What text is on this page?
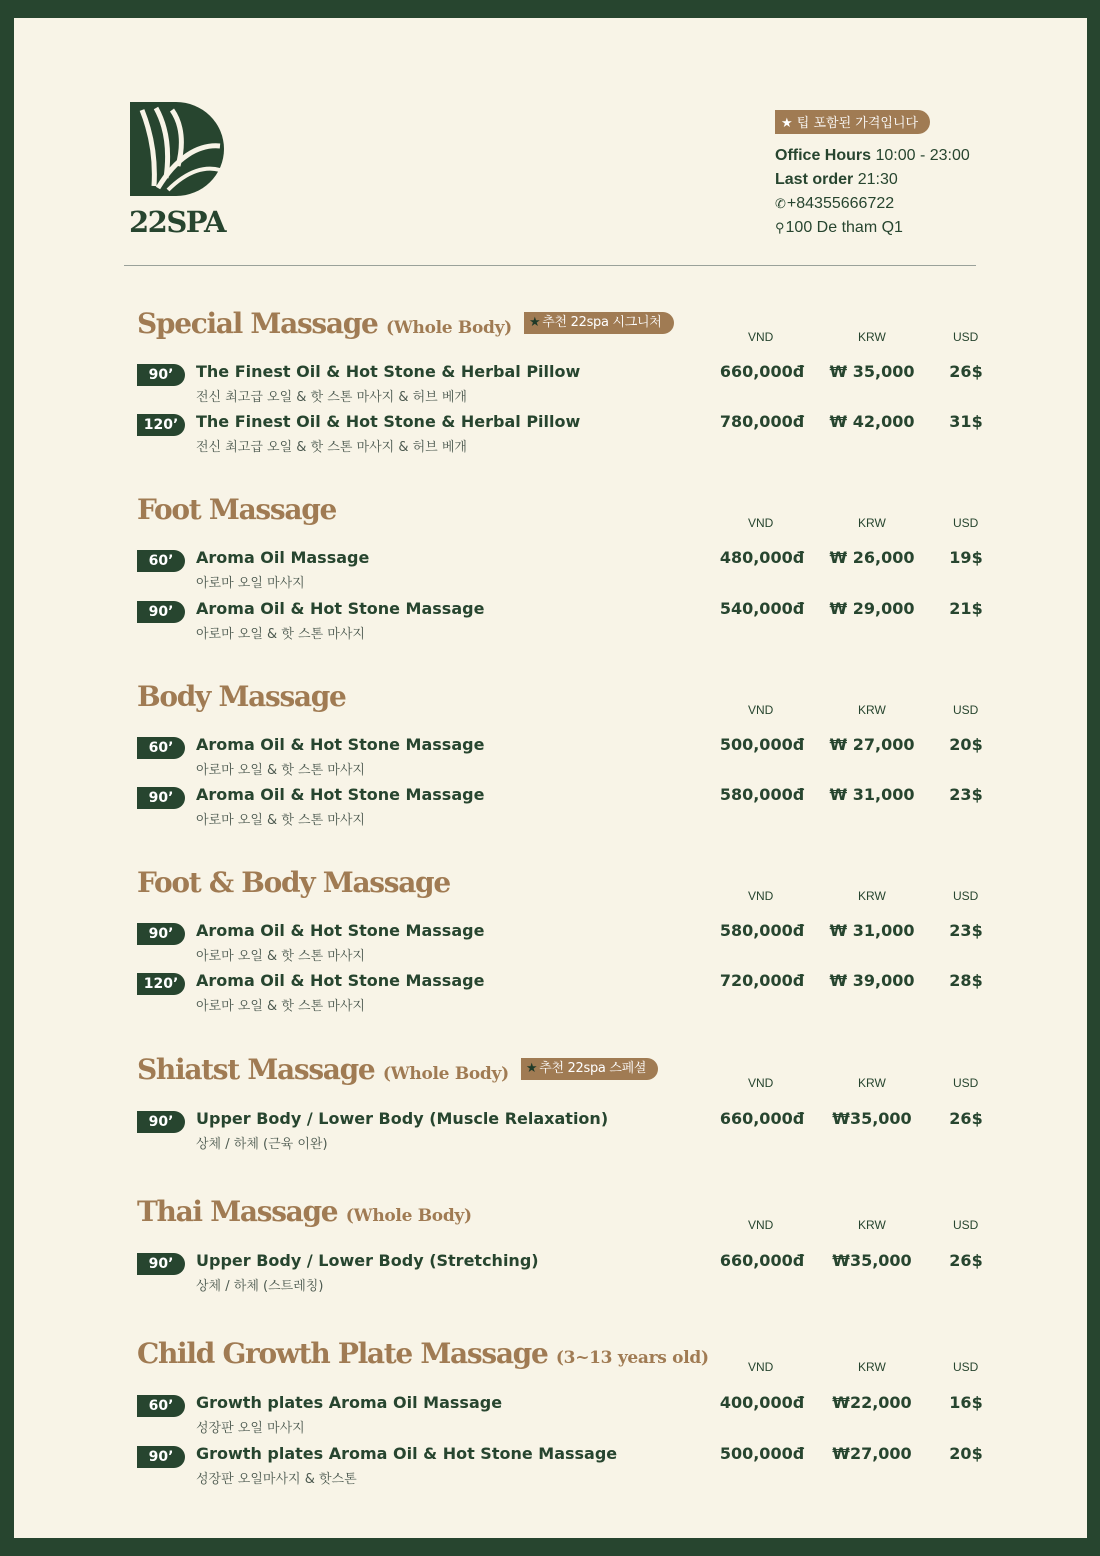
22SPA
★ 팁 포함된 가격입니다
Office Hours 10:00 - 23:00
Last order 21:30
✆+84355666722
⚲100 De tham Q1
Special Massage (Whole Body) ★ 추천 22spa 시그니처
VND	KRW	USD
90’	The Finest Oil & Hot Stone & Herbal Pillow
전신 최고급 오일 & 핫 스톤 마사지 & 허브 베개
660,000đ ₩ 35,000	26$
120’	The Finest Oil & Hot Stone & Herbal Pillow
전신 최고급 오일 & 핫 스톤 마사지 & 허브 베개
780,000đ ₩ 42,000	31$
Foot Massage	VND	KRW	USD
60’	Aroma Oil Massage
아로마 오일 마사지
480,000đ ₩ 26,000	19$
90’	Aroma Oil & Hot Stone Massage
아로마 오일 & 핫 스톤 마사지
540,000đ ₩ 29,000	21$
Body Massage	VND	KRW	USD
60’	Aroma Oil & Hot Stone Massage
아로마 오일 & 핫 스톤 마사지
500,000đ ₩ 27,000	20$
90’	Aroma Oil & Hot Stone Massage
아로마 오일 & 핫 스톤 마사지
580,000đ ₩ 31,000	23$
Foot & Body Massage	VND	KRW	USD
90’	Aroma Oil & Hot Stone Massage
아로마 오일 & 핫 스톤 마사지
580,000đ ₩ 31,000	23$
120’	Aroma Oil & Hot Stone Massage
아로마 오일 & 핫 스톤 마사지
720,000đ ₩ 39,000	28$
Shiatst Massage (Whole Body) ★ 추천 22spa 스페셜
VND	KRW	USD
90’	Upper Body / Lower Body (Muscle Relaxation)
상체 / 하체 (근육 이완)
660,000đ	₩35,000	26$
Thai Massage (Whole Body)	VND	KRW	USD
90’	Upper Body / Lower Body (Stretching)
상체 / 하체 (스트레칭)
660,000đ	₩35,000	26$
Child Growth Plate Massage (3~13 years old)	VND	KRW	USD
60’	Growth plates Aroma Oil Massage
성장판 오일 마사지
400,000đ	₩22,000	16$
90’	Growth plates Aroma Oil & Hot Stone Massage
성장판 오일마사지 & 핫스톤
500,000đ	₩27,000	20$
